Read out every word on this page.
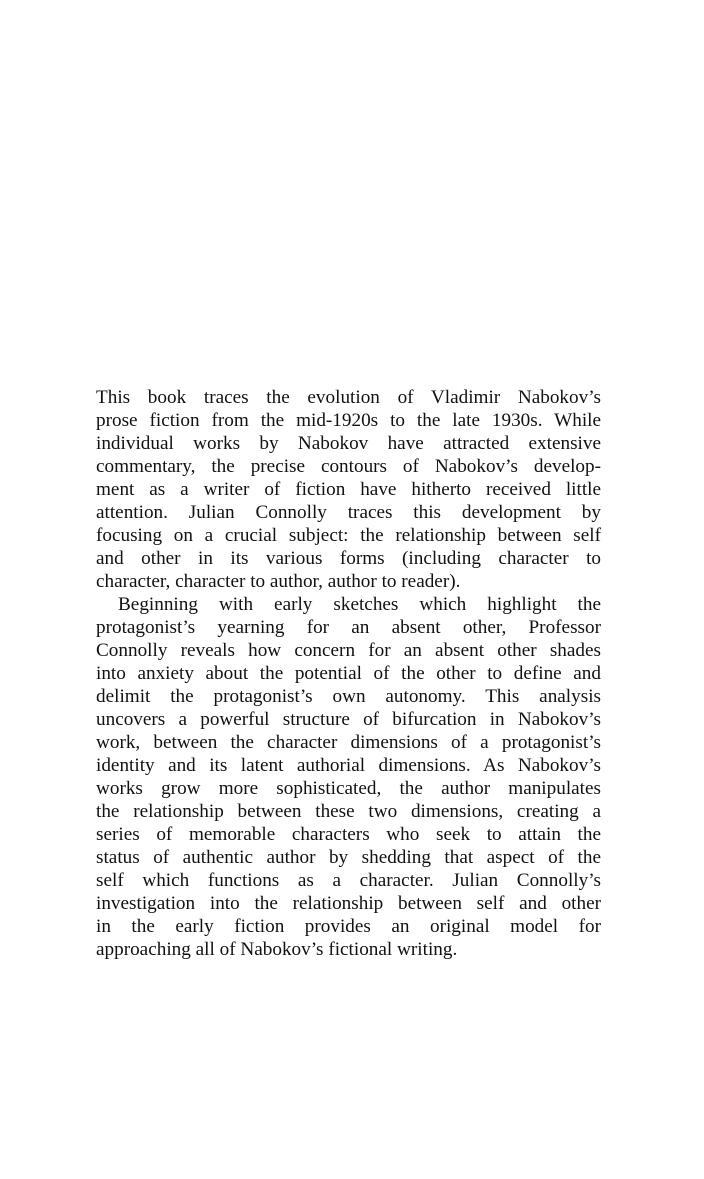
This book traces the evolution of Vladimir Nabokov’s
prose fiction from the mid-1920s to the late 1930s. While
individual works by Nabokov have attracted extensive
commentary, the precise contours of Nabokov’s develop-
ment as a writer of fiction have hitherto received little
attention. Julian Connolly traces this development by
focusing on a crucial subject: the relationship between self
and other in its various forms (including character to
character, character to author, author to reader).
Beginning with early sketches which highlight the
protagonist’s yearning for an absent other, Professor
Connolly reveals how concern for an absent other shades
into anxiety about the potential of the other to define and
delimit the protagonist’s own autonomy. This analysis
uncovers a powerful structure of bifurcation in Nabokov’s
work, between the character dimensions of a protagonist’s
identity and its latent authorial dimensions. As Nabokov’s
works grow more sophisticated, the author manipulates
the relationship between these two dimensions, creating a
series of memorable characters who seek to attain the
status of authentic author by shedding that aspect of the
self which functions as a character. Julian Connolly’s
investigation into the relationship between self and other
in the early fiction provides an original model for
approaching all of Nabokov’s fictional writing.
